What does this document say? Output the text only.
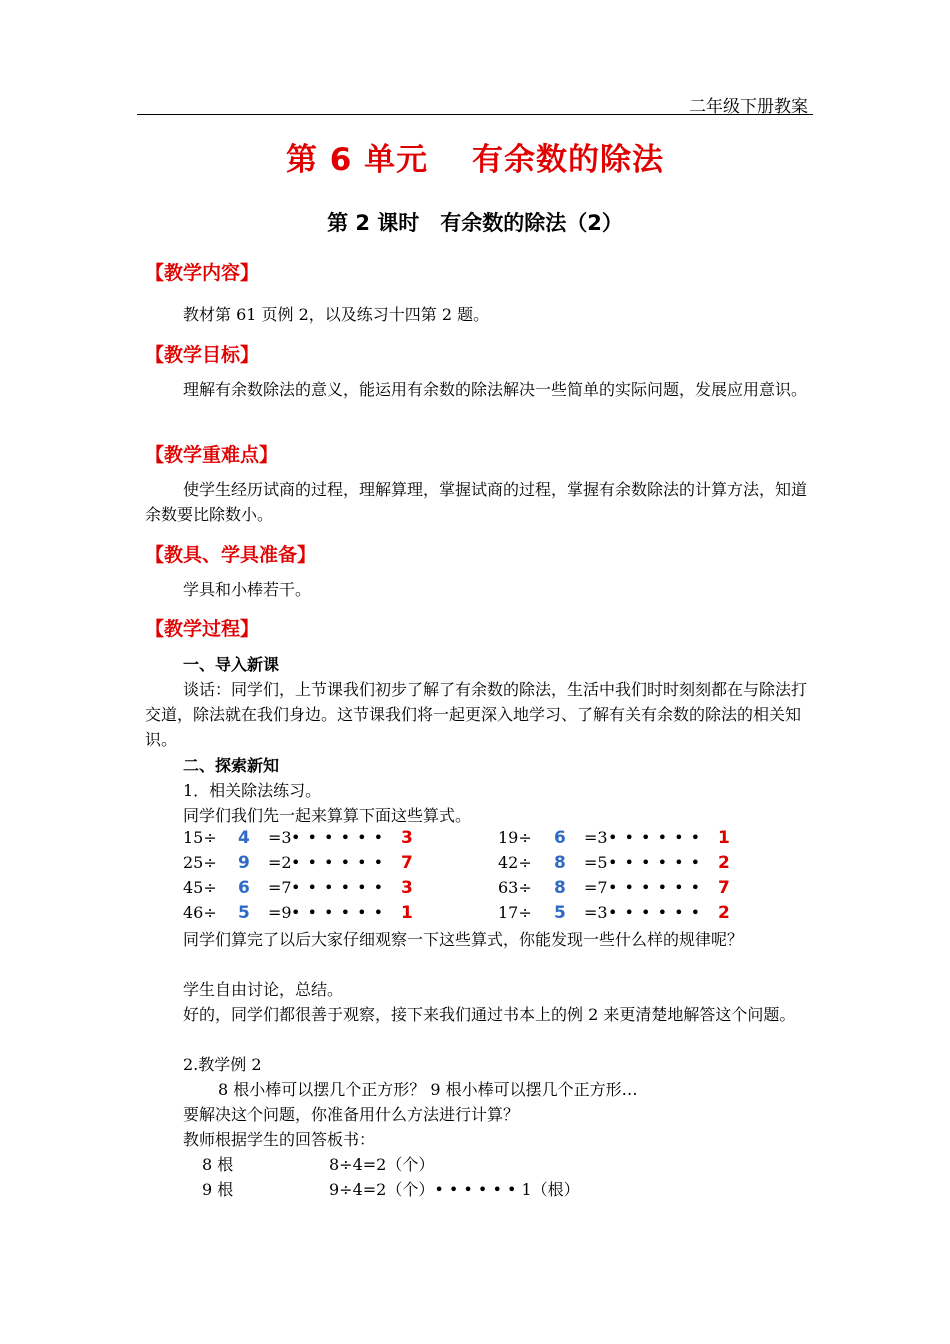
二年级下册教案
第 6 单元　 有余数的除法
第 2 课时　有余数的除法（2）
【教学内容】
教材第 61 页例 2，以及练习十四第 2 题。
【教学目标】
理解有余数除法的意义，能运用有余数的除法解决一些简单的实际问题，发展应用意识。
【教学重难点】
使学生经历试商的过程，理解算理，掌握试商的过程，掌握有余数除法的计算方法，知道余数要比除数小。
【教具、学具准备】
学具和小棒若干。
【教学过程】
一、导入新课
谈话：同学们，上节课我们初步了解了有余数的除法，生活中我们时时刻刻都在与除法打交道，除法就在我们身边。这节课我们将一起更深入地学习、了解有关有余数的除法的相关知识。
二、探索新知
1．相关除法练习。
同学们我们先一起来算算下面这些算式。
15÷ 4 =3 • • • • • • 3
25÷ 9 =2 • • • • • • 7
45÷ 6 =7 • • • • • • 3
46÷ 5 =9 • • • • • • 1
19÷ 6 =3 • • • • • • 1
42÷ 8 =5 • • • • • • 2
63÷ 8 =7 • • • • • • 7
17÷ 5 =3 • • • • • • 2
同学们算完了以后大家仔细观察一下这些算式，你能发现一些什么样的规律呢？
学生自由讨论，总结。
好的，同学们都很善于观察，接下来我们通过书本上的例 2 来更清楚地解答这个问题。
2.教学例 2
8 根小棒可以摆几个正方形？ 9 根小棒可以摆几个正方形…
要解决这个问题，你准备用什么方法进行计算？
教师根据学生的回答板书：
8 根	8÷4=2（个）
9 根	9÷4=2（个）• • • • • • 1（根）
